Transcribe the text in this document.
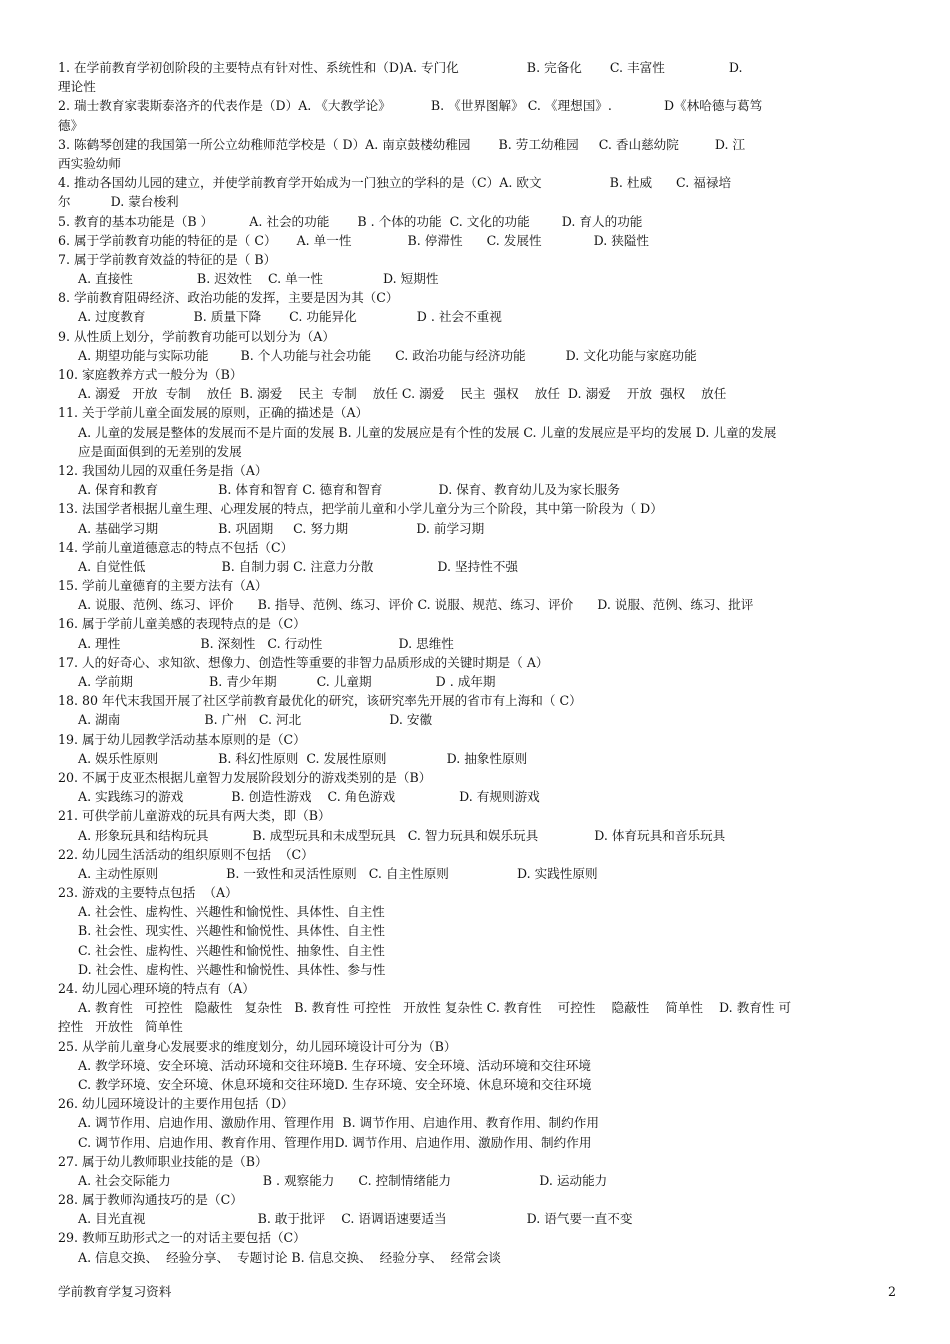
1. 在学前教育学初创阶段的主要特点有针对性、系统性和（D)A. 专门化                 B. 完备化       C. 丰富性                D.
理论性
2. 瑞士教育家裴斯泰洛齐的代表作是（D）A. 《大教学论》          B. 《世界图解》 C. 《理想国》.             D《林哈德与葛笃
德》
3. 陈鹤琴创建的我国第一所公立幼稚师范学校是（ D）A. 南京鼓楼幼稚园       B. 劳工幼稚园     C. 香山慈幼院         D. 江
西实验幼师
4. 推动各国幼儿园的建立，并使学前教育学开始成为一门独立的学科的是（C）A. 欧文                 B. 杜威      C. 福禄培
尔          D. 蒙台梭利
5. 教育的基本功能是（B ）         A. 社会的功能       B . 个体的功能  C. 文化的功能        D. 育人的功能
6. 属于学前教育功能的特征的是（ C）     A. 单一性              B. 停滞性      C. 发展性             D. 狭隘性
7. 属于学前教育效益的特征的是（ B）
A. 直接性                B. 迟效性    C. 单一性               D. 短期性
8. 学前教育阻碍经济、政治功能的发挥，主要是因为其（C）
A. 过度教育            B. 质量下降       C. 功能异化               D . 社会不重视
9. 从性质上划分，学前教育功能可以划分为（A）
A. 期望功能与实际功能        B. 个人功能与社会功能      C. 政治功能与经济功能          D. 文化功能与家庭功能
10. 家庭教养方式一般分为（B）
A. 溺爱   开放  专制    放任  B. 溺爱    民主  专制    放任 C. 溺爱    民主  强权    放任  D. 溺爱    开放  强权    放任
11. 关于学前儿童全面发展的原则，正确的描述是（A）
A. 儿童的发展是整体的发展而不是片面的发展 B. 儿童的发展应是有个性的发展 C. 儿童的发展应是平均的发展 D. 儿童的发展
应是面面俱到的无差别的发展
12. 我国幼儿园的双重任务是指（A）
A. 保育和教育               B. 体育和智育 C. 德育和智育              D. 保育、教育幼儿及为家长服务
13. 法国学者根据儿童生理、心理发展的特点，把学前儿童和小学儿童分为三个阶段，其中第一阶段为（ D）
A. 基础学习期               B. 巩固期     C. 努力期                 D. 前学习期
14. 学前儿童道德意志的特点不包括（C）
A. 自觉性低                   B. 自制力弱 C. 注意力分散                D. 坚持性不强
15. 学前儿童德育的主要方法有（A）
A. 说服、范例、练习、评价      B. 指导、范例、练习、评价 C. 说服、规范、练习、评价      D. 说服、范例、练习、批评
16. 属于学前儿童美感的表现特点的是（C）
A. 理性                    B. 深刻性   C. 行动性                   D. 思维性
17. 人的好奇心、求知欲、想像力、创造性等重要的非智力品质形成的关键时期是（ A）
A. 学前期                   B. 青少年期          C. 儿童期                D . 成年期
18. 80 年代末我国开展了社区学前教育最优化的研究，该研究率先开展的省市有上海和（ C）
A. 湖南                     B. 广州   C. 河北                      D. 安徽
19. 属于幼儿园教学活动基本原则的是（C）
A. 娱乐性原则               B. 科幻性原则  C. 发展性原则               D. 抽象性原则
20. 不属于皮亚杰根据儿童智力发展阶段划分的游戏类别的是（B）
A. 实践练习的游戏            B. 创造性游戏    C. 角色游戏                D. 有规则游戏
21. 可供学前儿童游戏的玩具有两大类，即（B）
A. 形象玩具和结构玩具           B. 成型玩具和未成型玩具   C. 智力玩具和娱乐玩具              D. 体育玩具和音乐玩具
22. 幼儿园生活活动的组织原则不包括  （C）
A. 主动性原则                 B. 一致性和灵活性原则   C. 自主性原则                 D. 实践性原则
23. 游戏的主要特点包括  （A）
A. 社会性、虚构性、兴趣性和愉悦性、具体性、自主性
B. 社会性、现实性、兴趣性和愉悦性、具体性、自主性
C. 社会性、虚构性、兴趣性和愉悦性、抽象性、自主性
D. 社会性、虚构性、兴趣性和愉悦性、具体性、参与性
24. 幼儿园心理环境的特点有（A）
A. 教育性   可控性   隐蔽性   复杂性   B. 教育性 可控性   开放性 复杂性 C. 教育性    可控性    隐蔽性    简单性    D. 教育性 可
控性   开放性   简单性
25. 从学前儿童身心发展要求的维度划分，幼儿园环境设计可分为（B）
A. 教学环境、安全环境、活动环境和交往环境B. 生存环境、安全环境、活动环境和交往环境
C. 教学环境、安全环境、休息环境和交往环境D. 生存环境、安全环境、休息环境和交往环境
26. 幼儿园环境设计的主要作用包括（D）
A. 调节作用、启迪作用、激励作用、管理作用  B. 调节作用、启迪作用、教育作用、制约作用
C. 调节作用、启迪作用、教育作用、管理作用D. 调节作用、启迪作用、激励作用、制约作用
27. 属于幼儿教师职业技能的是（B）
A. 社会交际能力                       B . 观察能力      C. 控制情绪能力                      D. 运动能力
28. 属于教师沟通技巧的是（C）
A. 目光直视                            B. 敢于批评    C. 语调语速要适当                    D. 语气要一直不变
29. 教师互助形式之一的对话主要包括（C）
A. 信息交换、  经验分享、  专题讨论 B. 信息交换、  经验分享、  经常会谈
学前教育学复习资料	2
